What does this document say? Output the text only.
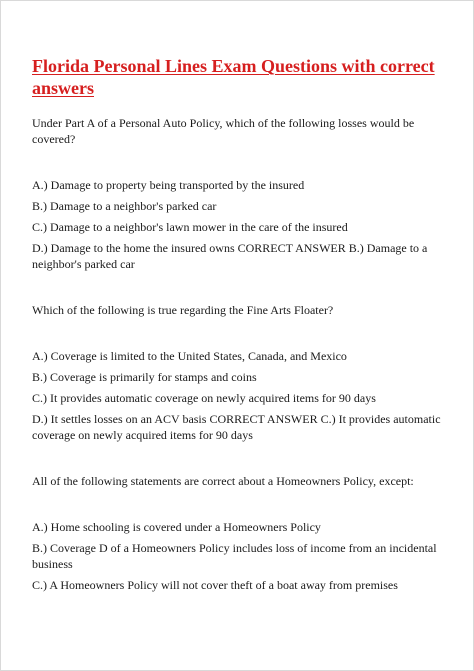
Florida Personal Lines Exam Questions with correct answers

Under Part A of a Personal Auto Policy, which of the following losses would be covered?

A.) Damage to property being transported by the insured

B.) Damage to a neighbor's parked car

C.) Damage to a neighbor's lawn mower in the care of the insured

D.) Damage to the home the insured owns CORRECT ANSWER B.) Damage to a neighbor's parked car

Which of the following is true regarding the Fine Arts Floater?

A.) Coverage is limited to the United States, Canada, and Mexico

B.) Coverage is primarily for stamps and coins

C.) It provides automatic coverage on newly acquired items for 90 days

D.) It settles losses on an ACV basis CORRECT ANSWER C.) It provides automatic coverage on newly acquired items for 90 days

All of the following statements are correct about a Homeowners Policy, except:

A.) Home schooling is covered under a Homeowners Policy

B.) Coverage D of a Homeowners Policy includes loss of income from an incidental business

C.) A Homeowners Policy will not cover theft of a boat away from premises
